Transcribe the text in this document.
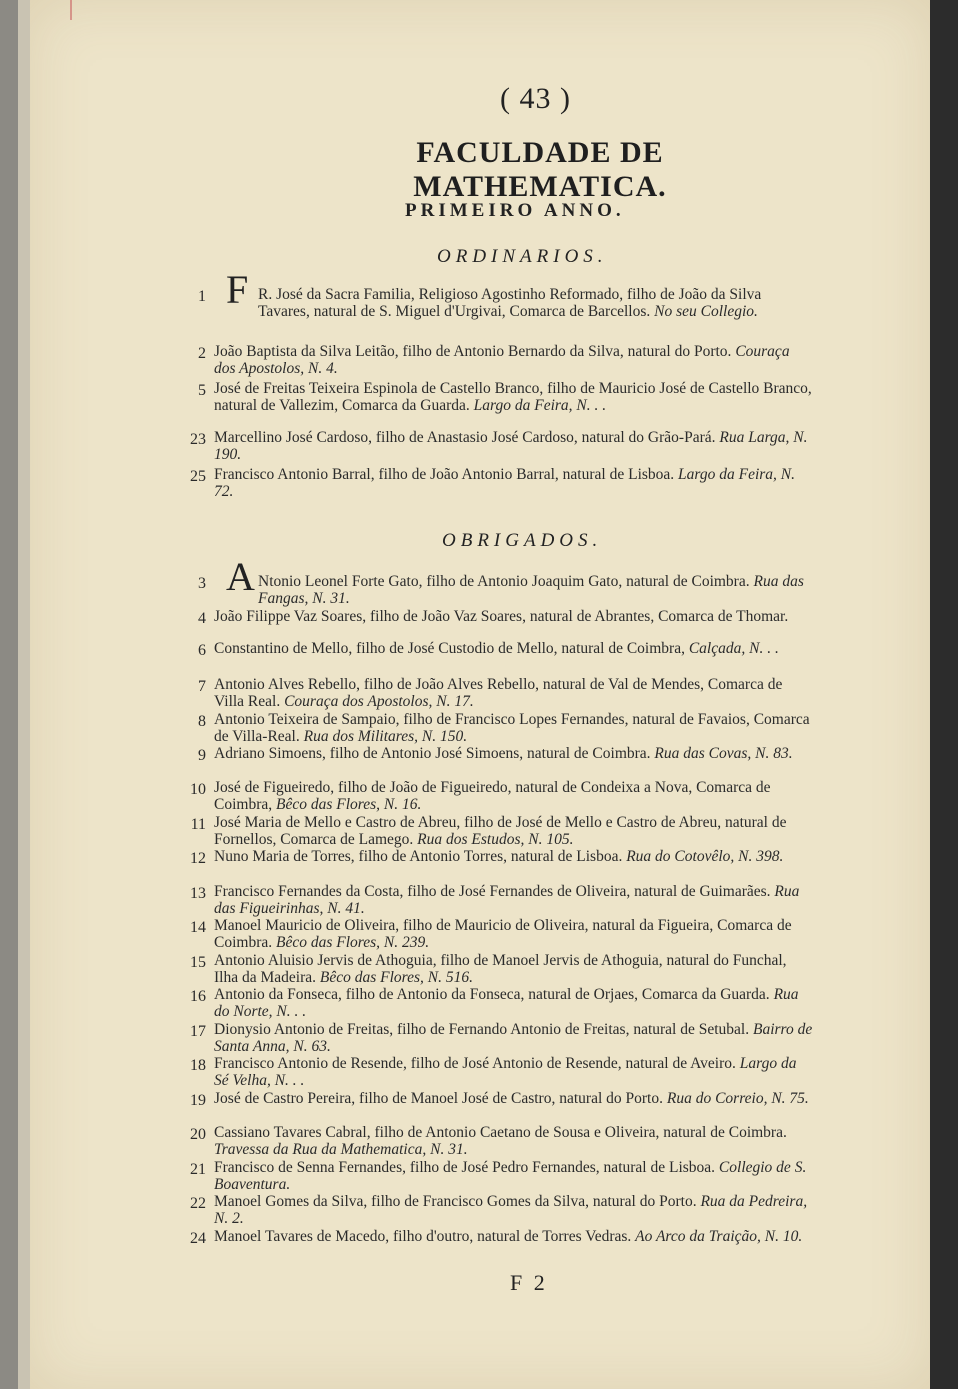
( 43 )
FACULDADE DE MATHEMATICA.
PRIMEIRO ANNO.
ORDINARIOS.
OBRIGADOS.
1 F R. José da Sacra Familia, Religioso Agostinho Reformado, filho de João da Silva Tavares, natural de S. Miguel d'Urgivai, Comarca de Barcellos. No seu Collegio.
2 João Baptista da Silva Leitão, filho de Antonio Bernardo da Silva, natural do Porto. Couraça dos Apostolos, N. 4.
5 José de Freitas Teixeira Espinola de Castello Branco, filho de Mauricio José de Castello Branco, natural de Vallezim, Comarca da Guarda. Largo da Feira, N. . .
23 Marcellino José Cardoso, filho de Anastasio José Cardoso, natural do Grão-Pará. Rua Larga, N. 190.
25 Francisco Antonio Barral, filho de João Antonio Barral, natural de Lisboa. Largo da Feira, N. 72.
3 A Ntonio Leonel Forte Gato, filho de Antonio Joaquim Gato, natural de Coimbra. Rua das Fangas, N. 31.
4 João Filippe Vaz Soares, filho de João Vaz Soares, natural de Abrantes, Comarca de Thomar.
6 Constantino de Mello, filho de José Custodio de Mello, natural de Coimbra, Calçada, N. . .
7 Antonio Alves Rebello, filho de João Alves Rebello, natural de Val de Mendes, Comarca de Villa Real. Couraça dos Apostolos, N. 17.
8 Antonio Teixeira de Sampaio, filho de Francisco Lopes Fernandes, natural de Favaios, Comarca de Villa-Real. Rua dos Militares, N. 150.
9 Adriano Simoens, filho de Antonio José Simoens, natural de Coimbra. Rua das Covas, N. 83.
10 José de Figueiredo, filho de João de Figueiredo, natural de Condeixa a Nova, Comarca de Coimbra, Bêco das Flores, N. 16.
11 José Maria de Mello e Castro de Abreu, filho de José de Mello e Castro de Abreu, natural de Fornellos, Comarca de Lamego. Rua dos Estudos, N. 105.
12 Nuno Maria de Torres, filho de Antonio Torres, natural de Lisboa. Rua do Cotovêlo, N. 398.
13 Francisco Fernandes da Costa, filho de José Fernandes de Oliveira, natural de Guimarães. Rua das Figueirinhas, N. 41.
14 Manoel Mauricio de Oliveira, filho de Mauricio de Oliveira, natural da Figueira, Comarca de Coimbra. Bêco das Flores, N. 239.
15 Antonio Aluisio Jervis de Athoguia, filho de Manoel Jervis de Athoguia, natural do Funchal, Ilha da Madeira. Bêco das Flores, N. 516.
16 Antonio da Fonseca, filho de Antonio da Fonseca, natural de Orjaes, Comarca da Guarda. Rua do Norte, N. . .
17 Dionysio Antonio de Freitas, filho de Fernando Antonio de Freitas, natural de Setubal. Bairro de Santa Anna, N. 63.
18 Francisco Antonio de Resende, filho de José Antonio de Resende, natural de Aveiro. Largo da Sé Velha, N. . .
19 José de Castro Pereira, filho de Manoel José de Castro, natural do Porto. Rua do Correio, N. 75.
20 Cassiano Tavares Cabral, filho de Antonio Caetano de Sousa e Oliveira, natural de Coimbra. Travessa da Rua da Mathematica, N. 31.
21 Francisco de Senna Fernandes, filho de José Pedro Fernandes, natural de Lisboa. Collegio de S. Boaventura.
22 Manoel Gomes da Silva, filho de Francisco Gomes da Silva, natural do Porto. Rua da Pedreira, N. 2.
24 Manoel Tavares de Macedo, filho d'outro, natural de Torres Vedras. Ao Arco da Traição, N. 10.
F 2
